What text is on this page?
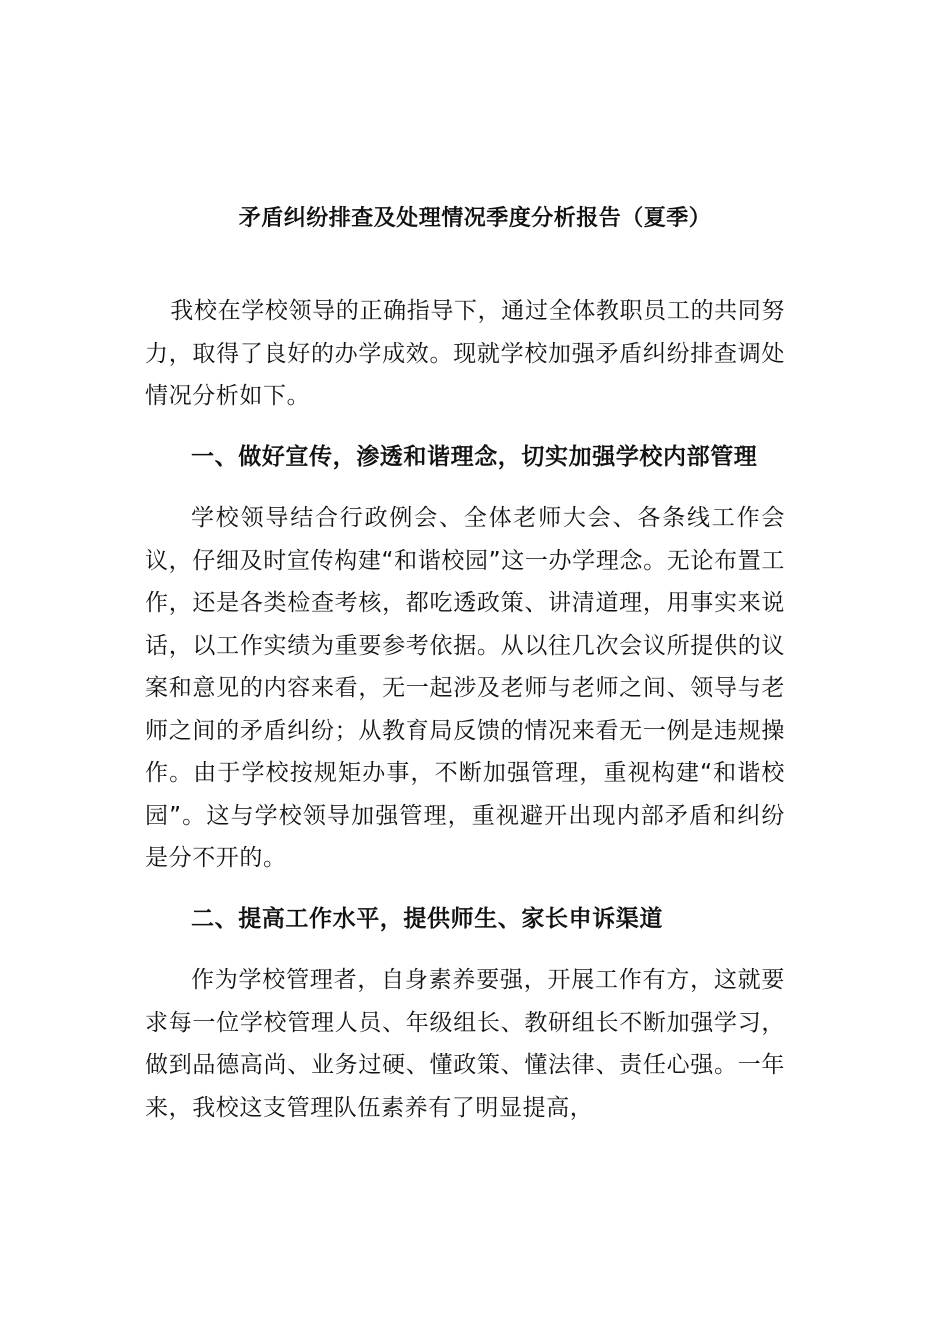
矛盾纠纷排查及处理情况季度分析报告（夏季）

我校在学校领导的正确指导下，通过全体教职员工的共同努力，取得了良好的办学成效。现就学校加强矛盾纠纷排查调处情况分析如下。

一、做好宣传，渗透和谐理念，切实加强学校内部管理

学校领导结合行政例会、全体老师大会、各条线工作会议，仔细及时宣传构建“和谐校园”这一办学理念。无论布置工作，还是各类检查考核，都吃透政策、讲清道理，用事实来说话，以工作实绩为重要参考依据。从以往几次会议所提供的议案和意见的内容来看，无一起涉及老师与老师之间、领导与老师之间的矛盾纠纷；从教育局反馈的情况来看无一例是违规操作。由于学校按规矩办事，不断加强管理，重视构建“和谐校园”。这与学校领导加强管理，重视避开出现内部矛盾和纠纷是分不开的。

二、提高工作水平，提供师生、家长申诉渠道

作为学校管理者，自身素养要强，开展工作有方，这就要求每一位学校管理人员、年级组长、教研组长不断加强学习，做到品德高尚、业务过硬、懂政策、懂法律、责任心强。一年来，我校这支管理队伍素养有了明显提高，
